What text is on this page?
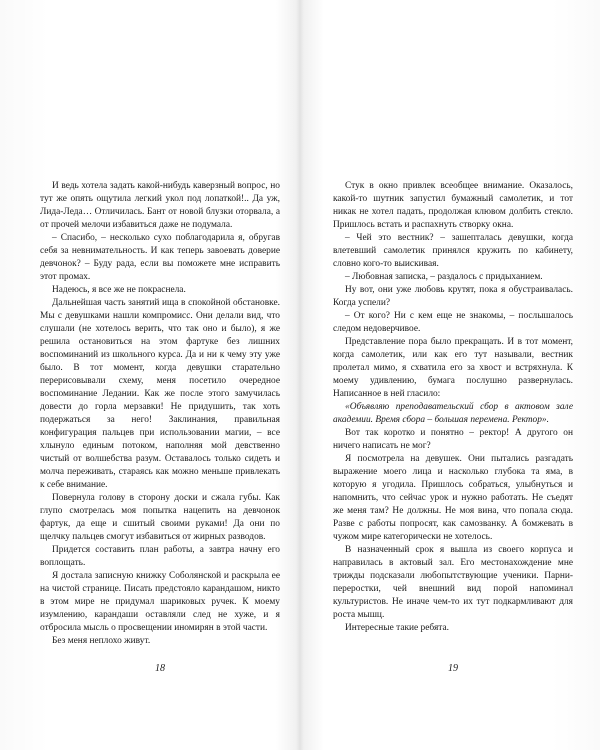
И ведь хотела задать какой-нибудь каверзный вопрос, но тут же опять ощутила легкий укол под лопаткой!.. Да уж, Лида-Леда… Отличилась. Бант от новой блузки оторвала, а от прочей мелочи избавиться даже не подумала.

– Спасибо, – несколько сухо поблагодарила я, обругав себя за невнимательность. И как теперь завоевать доверие девчонок? – Буду рада, если вы поможете мне исправить этот промах.

Надеюсь, я все же не покраснела.

Дальнейшая часть занятий ища в спокойной обстановке. Мы с девушками нашли компромисс. Они делали вид, что слушали (не хотелось верить, что так оно и было), я же решила остановиться на этом фартуке без лишних воспоминаний из школьного курса. Да и ни к чему эту уже было. В тот момент, когда девушки старательно перерисовывали схему, меня посетило очередное воспоминание Ледании. Как же после этого замучилась довести до горла мерзавки! Не придушить, так хоть подержаться за него! Заклинания, правильная конфигурация пальцев при использовании магии, – все хлынуло единым потоком, наполняя мой девственно чистый от волшебства разум. Оставалось только сидеть и молча переживать, стараясь как можно меньше привлекать к себе внимание.

Повернула голову в сторону доски и сжала губы. Как глупо смотрелась моя попытка нацепить на девчонок фартук, да еще и сшитый своими руками! Да они по щелчку пальцев смогут избавиться от жирных разводов.

Придется составить план работы, а завтра начну его воплощать.

Я достала записную книжку Соболянской и раскрыла ее на чистой странице. Писать предстояло карандашом, никто в этом мире не придумал шариковых ручек. К моему изумлению, карандаши оставляли след не хуже, и я отбросила мысль о просвещении иномирян в этой части.

Без меня неплохо живут.

18

Стук в окно привлек всеобщее внимание. Оказалось, какой-то шутник запустил бумажный самолетик, и тот никак не хотел падать, продолжая клювом долбить стекло. Пришлось встать и распахнуть створку окна.

– Чей это вестник? – зашепталась девушки, когда влетевший самолетик принялся кружить по кабинету, словно кого-то выискивая.

– Любовная записка, – раздалось с придыханием.

Ну вот, они уже любовь крутят, пока я обустраивалась. Когда успели?

– От кого? Ни с кем еще не знакомы, – послышалось следом недоверчивое.

Представление пора было прекращать. И в тот момент, когда самолетик, или как его тут называли, вестник пролетал мимо, я схватила его за хвост и встряхнула. К моему удивлению, бумага послушно развернулась. Написанное в ней гласило:

«Объявляю преподавательский сбор в актовом зале академии. Время сбора – большая перемена. Ректор».

Вот так коротко и понятно – ректор! А другого он ничего написать не мог?

Я посмотрела на девушек. Они пытались разгадать выражение моего лица и насколько глубока та яма, в которую я угодила. Пришлось собраться, улыбнуться и напомнить, что сейчас урок и нужно работать. Не съедят же меня там? Не должны. Не моя вина, что попала сюда. Разве с работы попросят, как самозванку. А бомжевать в чужом мире категорически не хотелось.

В назначенный срок я вышла из своего корпуса и направилась в актовый зал. Его местонахождение мне трижды подсказали любопытствующие ученики. Парни-переростки, чей внешний вид порой напоминал культуристов. Не иначе чем-то их тут подкармливают для роста мышц.

Интересные такие ребята.

19
